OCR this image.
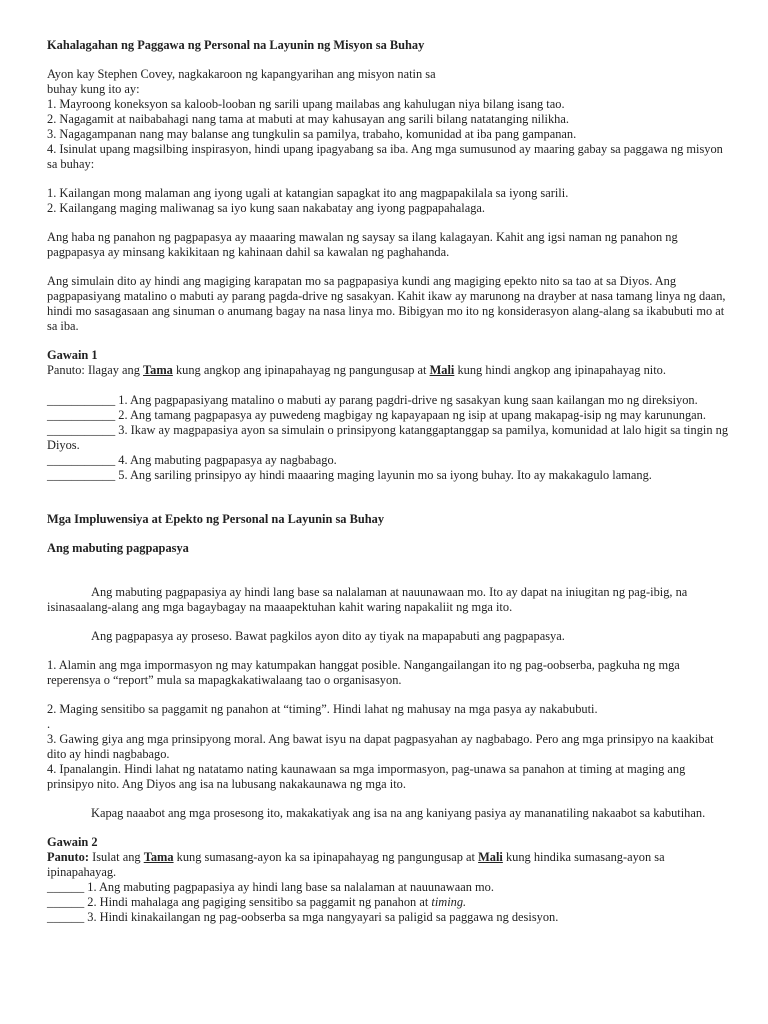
Kahalagahan ng Paggawa ng Personal na Layunin ng Misyon sa Buhay

Ayon kay Stephen Covey, nagkakaroon ng kapangyarihan ang misyon natin sa

buhay kung ito ay:

1. Mayroong koneksyon sa kaloob-looban ng sarili upang mailabas ang kahulugan niya bilang isang tao.

2. Nagagamit at naibabahagi nang tama at mabuti at may kahusayan ang sarili bilang natatanging nilikha.

3. Nagagampanan nang may balanse ang tungkulin sa pamilya, trabaho, komunidad at iba pang gampanan.

4. Isinulat upang magsilbing inspirasyon, hindi upang ipagyabang sa iba. Ang mga sumusunod ay maaring gabay sa paggawa ng misyon sa buhay:

1. Kailangan mong malaman ang iyong ugali at katangian sapagkat ito ang magpapakilala sa iyong sarili.

2. Kailangang maging maliwanag sa iyo kung saan nakabatay ang iyong pagpapahalaga.

Ang haba ng panahon ng pagpapasya ay maaaring mawalan ng saysay sa ilang kalagayan. Kahit ang igsi naman ng panahon ng pagpapasya ay minsang kakikitaan ng kahinaan dahil sa kawalan ng paghahanda.

Ang simulain dito ay hindi ang magiging karapatan mo sa pagpapasiya kundi ang magiging epekto nito sa tao at sa Diyos. Ang pagpapasiyang matalino o mabuti ay parang pagda-drive ng sasakyan. Kahit ikaw ay marunong na drayber at nasa tamang linya ng daan, hindi mo sasagasaan ang sinuman o anumang bagay na nasa linya mo. Bibigyan mo ito ng konsiderasyon alang-alang sa ikabubuti mo at sa iba.

Gawain 1

Panuto: Ilagay ang Tama kung angkop ang ipinapahayag ng pangungusap at Mali kung hindi angkop ang ipinapahayag nito.

___________ 1. Ang pagpapasiyang matalino o mabuti ay parang pagdri-drive ng sasakyan kung saan kailangan mo ng direksiyon.

___________ 2. Ang tamang pagpapasya ay puwedeng magbigay ng kapayapaan ng isip at upang makapag-isip ng may karunungan.

___________ 3. Ikaw ay magpapasiya ayon sa simulain o prinsipyong katanggaptanggap sa pamilya, komunidad at lalo higit sa tingin ng Diyos.

___________ 4. Ang mabuting pagpapasya ay nagbabago.

___________ 5. Ang sariling prinsipyo ay hindi maaaring maging layunin mo sa iyong buhay. Ito ay makakagulo lamang.

Mga Impluwensiya at Epekto ng Personal na Layunin sa Buhay

Ang mabuting pagpapasya

Ang mabuting pagpapasiya ay hindi lang base sa nalalaman at nauunawaan mo. Ito ay dapat na iniugitan ng pag-ibig, na isinasaalang-alang ang mga bagaybagay na maaapektuhan kahit waring napakaliit ng mga ito.

Ang pagpapasya ay proseso. Bawat pagkilos ayon dito ay tiyak na mapapabuti ang pagpapasya.

1. Alamin ang mga impormasyon ng may katumpakan hanggat posible. Nangangailangan ito ng pag-oobserba, pagkuha ng mga reperensya o “report” mula sa mapagkakatiwalaang tao o organisasyon.

2. Maging sensitibo sa paggamit ng panahon at “timing”. Hindi lahat ng mahusay na mga pasya ay nakabubuti.

.

3. Gawing giya ang mga prinsipyong moral. Ang bawat isyu na dapat pagpasyahan ay nagbabago. Pero ang mga prinsipyo na kaakibat dito ay hindi nagbabago.

4. Ipanalangin. Hindi lahat ng natatamo nating kaunawaan sa mga impormasyon, pag-unawa sa panahon at timing at maging ang prinsipyo nito. Ang Diyos ang isa na lubusang nakakaunawa ng mga ito.

Kapag naaabot ang mga prosesong ito, makakatiyak ang isa na ang kaniyang pasiya ay mananatiling nakaabot sa kabutihan.

Gawain 2

Panuto: Isulat ang Tama kung sumasang-ayon ka sa ipinapahayag ng pangungusap at Mali kung hindika sumasang-ayon sa ipinapahayag.

______ 1. Ang mabuting pagpapasiya ay hindi lang base sa nalalaman at nauunawaan mo.

______ 2. Hindi mahalaga ang pagiging sensitibo sa paggamit ng panahon at timing.

______ 3. Hindi kinakailangan ng pag-oobserba sa mga nangyayari sa paligid sa paggawa ng desisyon.
